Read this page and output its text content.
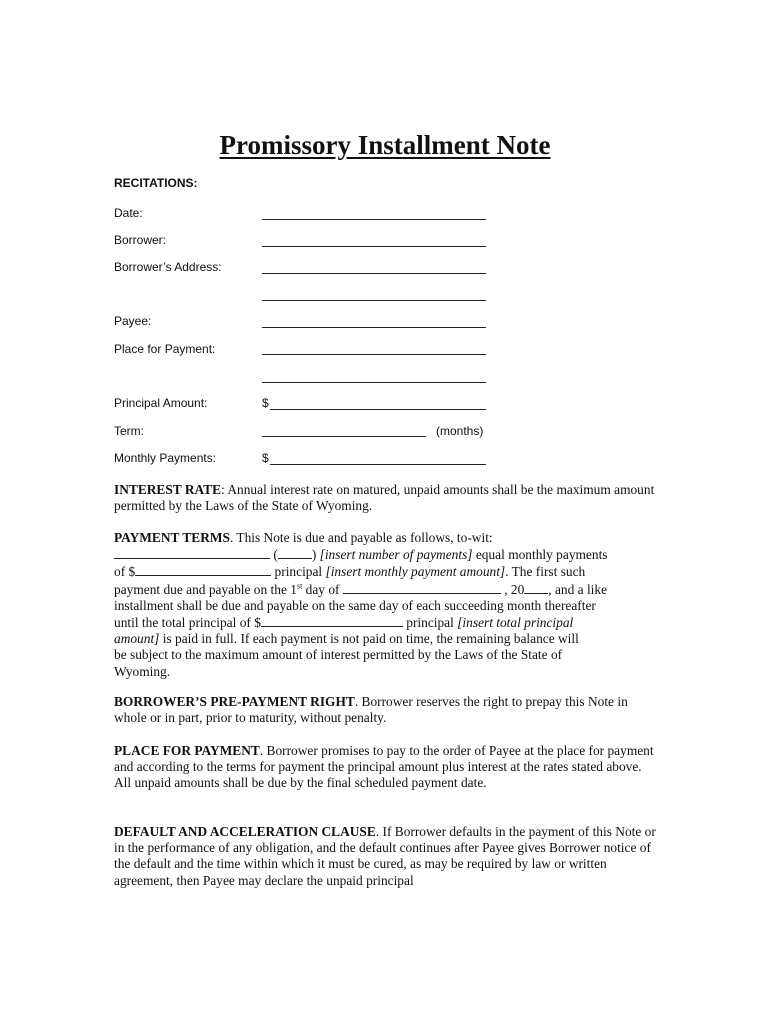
Promissory Installment Note
RECITATIONS:
Date:
Borrower:
Borrower’s Address:
Payee:
Place for Payment:
Principal Amount:	$
Term:	(months)
Monthly Payments:	$

INTEREST RATE: Annual interest rate on matured, unpaid amounts shall be the maximum amount permitted by the Laws of the State of Wyoming.

PAYMENT TERMS. This Note is due and payable as follows, to-wit:
(	) [insert number of payments] equal monthly payments
of $	principal [insert monthly payment amount]. The first such
payment due and payable on the 1st day of	, 20 , and a like
installment shall be due and payable on the same day of each succeeding month thereafter
until the total principal of $	principal [insert total principal
amount] is paid in full. If each payment is not paid on time, the remaining balance will
be subject to the maximum amount of interest permitted by the Laws of the State of
Wyoming.

BORROWER’S PRE-PAYMENT RIGHT. Borrower reserves the right to prepay this Note in whole or in part, prior to maturity, without penalty.

PLACE FOR PAYMENT. Borrower promises to pay to the order of Payee at the place for payment and according to the terms for payment the principal amount plus interest at the rates stated above. All unpaid amounts shall be due by the final scheduled payment date.

DEFAULT AND ACCELERATION CLAUSE. If Borrower defaults in the payment of this Note or in the performance of any obligation, and the default continues after Payee gives Borrower notice of the default and the time within which it must be cured, as may be required by law or written agreement, then Payee may declare the unpaid principal
